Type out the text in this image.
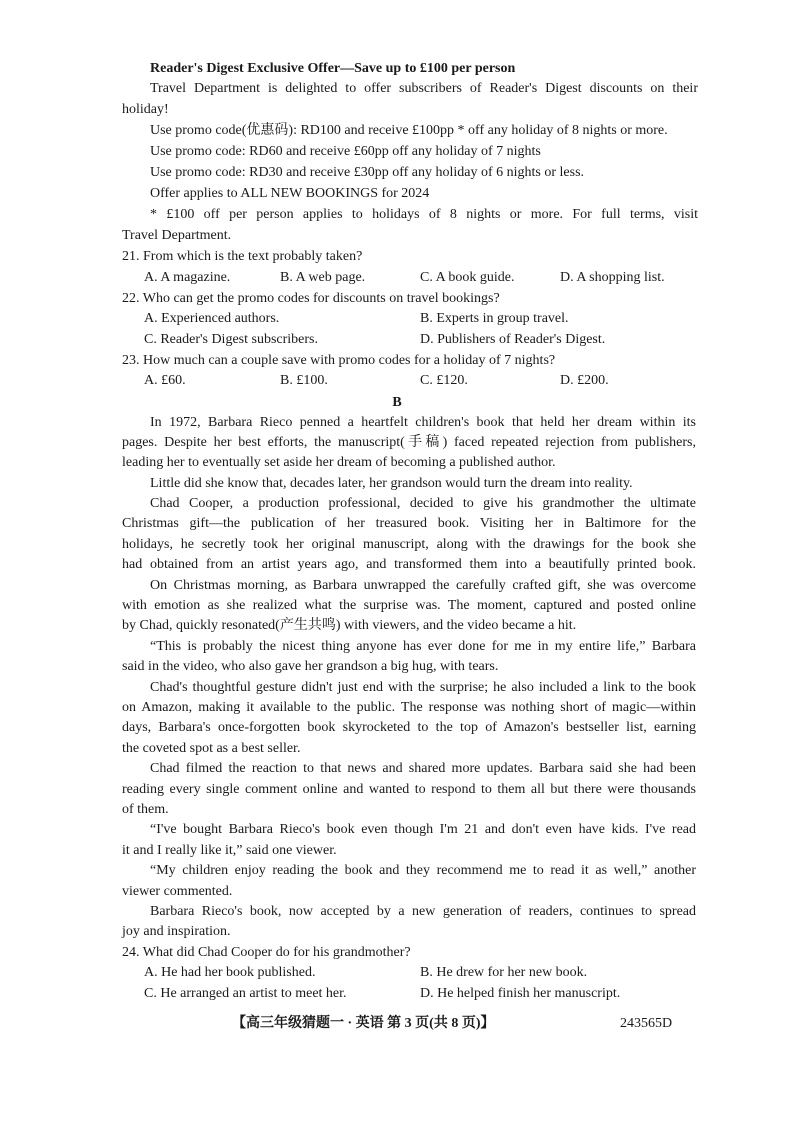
Reader's Digest Exclusive Offer—Save up to £100 per person
Travel Department is delighted to offer subscribers of Reader's Digest discounts on their
holiday!
Use promo code(优惠码): RD100 and receive £100pp * off any holiday of 8 nights or more.
Use promo code: RD60 and receive £60pp off any holiday of 7 nights
Use promo code: RD30 and receive £30pp off any holiday of 6 nights or less.
Offer applies to ALL NEW BOOKINGS for 2024
* £100 off per person applies to holidays of 8 nights or more. For full terms, visit
Travel Department.
21. From which is the text probably taken?
A. A magazine.	B. A web page.	C. A book guide.	D. A shopping list.
22. Who can get the promo codes for discounts on travel bookings?
A. Experienced authors.	B. Experts in group travel.
C. Reader's Digest subscribers.	D. Publishers of Reader's Digest.
23. How much can a couple save with promo codes for a holiday of 7 nights?
A. £60.	B. £100.	C. £120.	D. £200.
B
In 1972, Barbara Rieco penned a heartfelt children's book that held her dream within its
pages. Despite her best efforts, the manuscript(手稿) faced repeated rejection from publishers,
leading her to eventually set aside her dream of becoming a published author.
Little did she know that, decades later, her grandson would turn the dream into reality.
Chad Cooper, a production professional, decided to give his grandmother the ultimate
Christmas gift—the publication of her treasured book. Visiting her in Baltimore for the
holidays, he secretly took her original manuscript, along with the drawings for the book she
had obtained from an artist years ago, and transformed them into a beautifully printed book.
On Christmas morning, as Barbara unwrapped the carefully crafted gift, she was overcome
with emotion as she realized what the surprise was. The moment, captured and posted online
by Chad, quickly resonated(产生共鸣) with viewers, and the video became a hit.
“This is probably the nicest thing anyone has ever done for me in my entire life,” Barbara
said in the video, who also gave her grandson a big hug, with tears.
Chad's thoughtful gesture didn't just end with the surprise; he also included a link to the book
on Amazon, making it available to the public. The response was nothing short of magic—within
days, Barbara's once-forgotten book skyrocketed to the top of Amazon's bestseller list, earning
the coveted spot as a best seller.
Chad filmed the reaction to that news and shared more updates. Barbara said she had been
reading every single comment online and wanted to respond to them all but there were thousands
of them.
“I've bought Barbara Rieco's book even though I'm 21 and don't even have kids. I've read
it and I really like it,” said one viewer.
“My children enjoy reading the book and they recommend me to read it as well,” another
viewer commented.
Barbara Rieco's book, now accepted by a new generation of readers, continues to spread
joy and inspiration.
24. What did Chad Cooper do for his grandmother?
A. He had her book published.	B. He drew for her new book.
C. He arranged an artist to meet her.	D. He helped finish her manuscript.
【高三年级猜题一 · 英语 第 3 页(共 8 页)】	243565D
